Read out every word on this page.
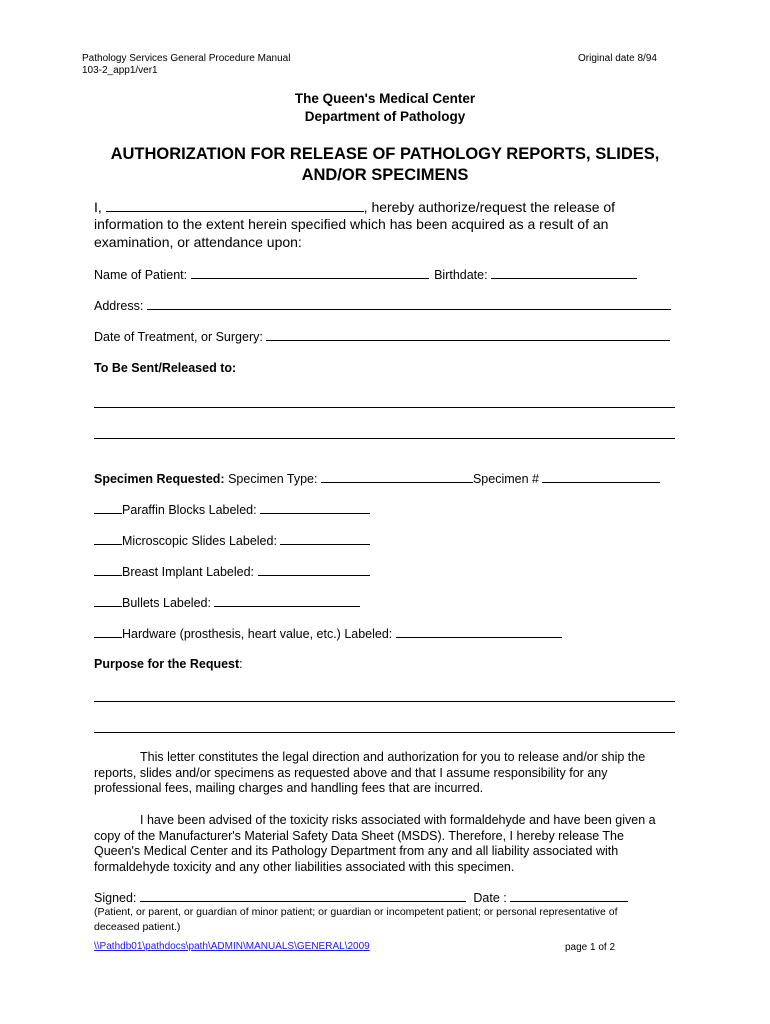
Pathology Services General Procedure Manual
103-2_app1/ver1
Original date 8/94
The Queen's Medical Center
Department of Pathology
AUTHORIZATION FOR RELEASE OF PATHOLOGY REPORTS, SLIDES,
AND/OR SPECIMENS
I,	, hereby authorize/request the release of
information to the extent herein specified which has been acquired as a result of an
examination, or attendance upon:
Name of Patient:	Birthdate:
Address:
Date of Treatment, or Surgery:
To Be Sent/Released to:
Specimen Requested: Specimen Type:	Specimen #
Paraffin Blocks Labeled:
Microscopic Slides Labeled:
Breast Implant Labeled:
Bullets Labeled:
Hardware (prosthesis, heart value, etc.) Labeled:
Purpose for the Request:
This letter constitutes the legal direction and authorization for you to release and/or ship the
reports, slides and/or specimens as requested above and that I assume responsibility for any
professional fees, mailing charges and handling fees that are incurred.
I have been advised of the toxicity risks associated with formaldehyde and have been given a
copy of the Manufacturer's Material Safety Data Sheet (MSDS). Therefore, I hereby release The
Queen's Medical Center and its Pathology Department from any and all liability associated with
formaldehyde toxicity and any other liabilities associated with this specimen.
Signed:	Date :
(Patient, or parent, or guardian of minor patient; or guardian or incompetent patient; or personal representative of
deceased patient.)
\\Pathdb01\pathdocs\path\ADMIN\MANUALS\GENERAL\2009	page 1 of 2
